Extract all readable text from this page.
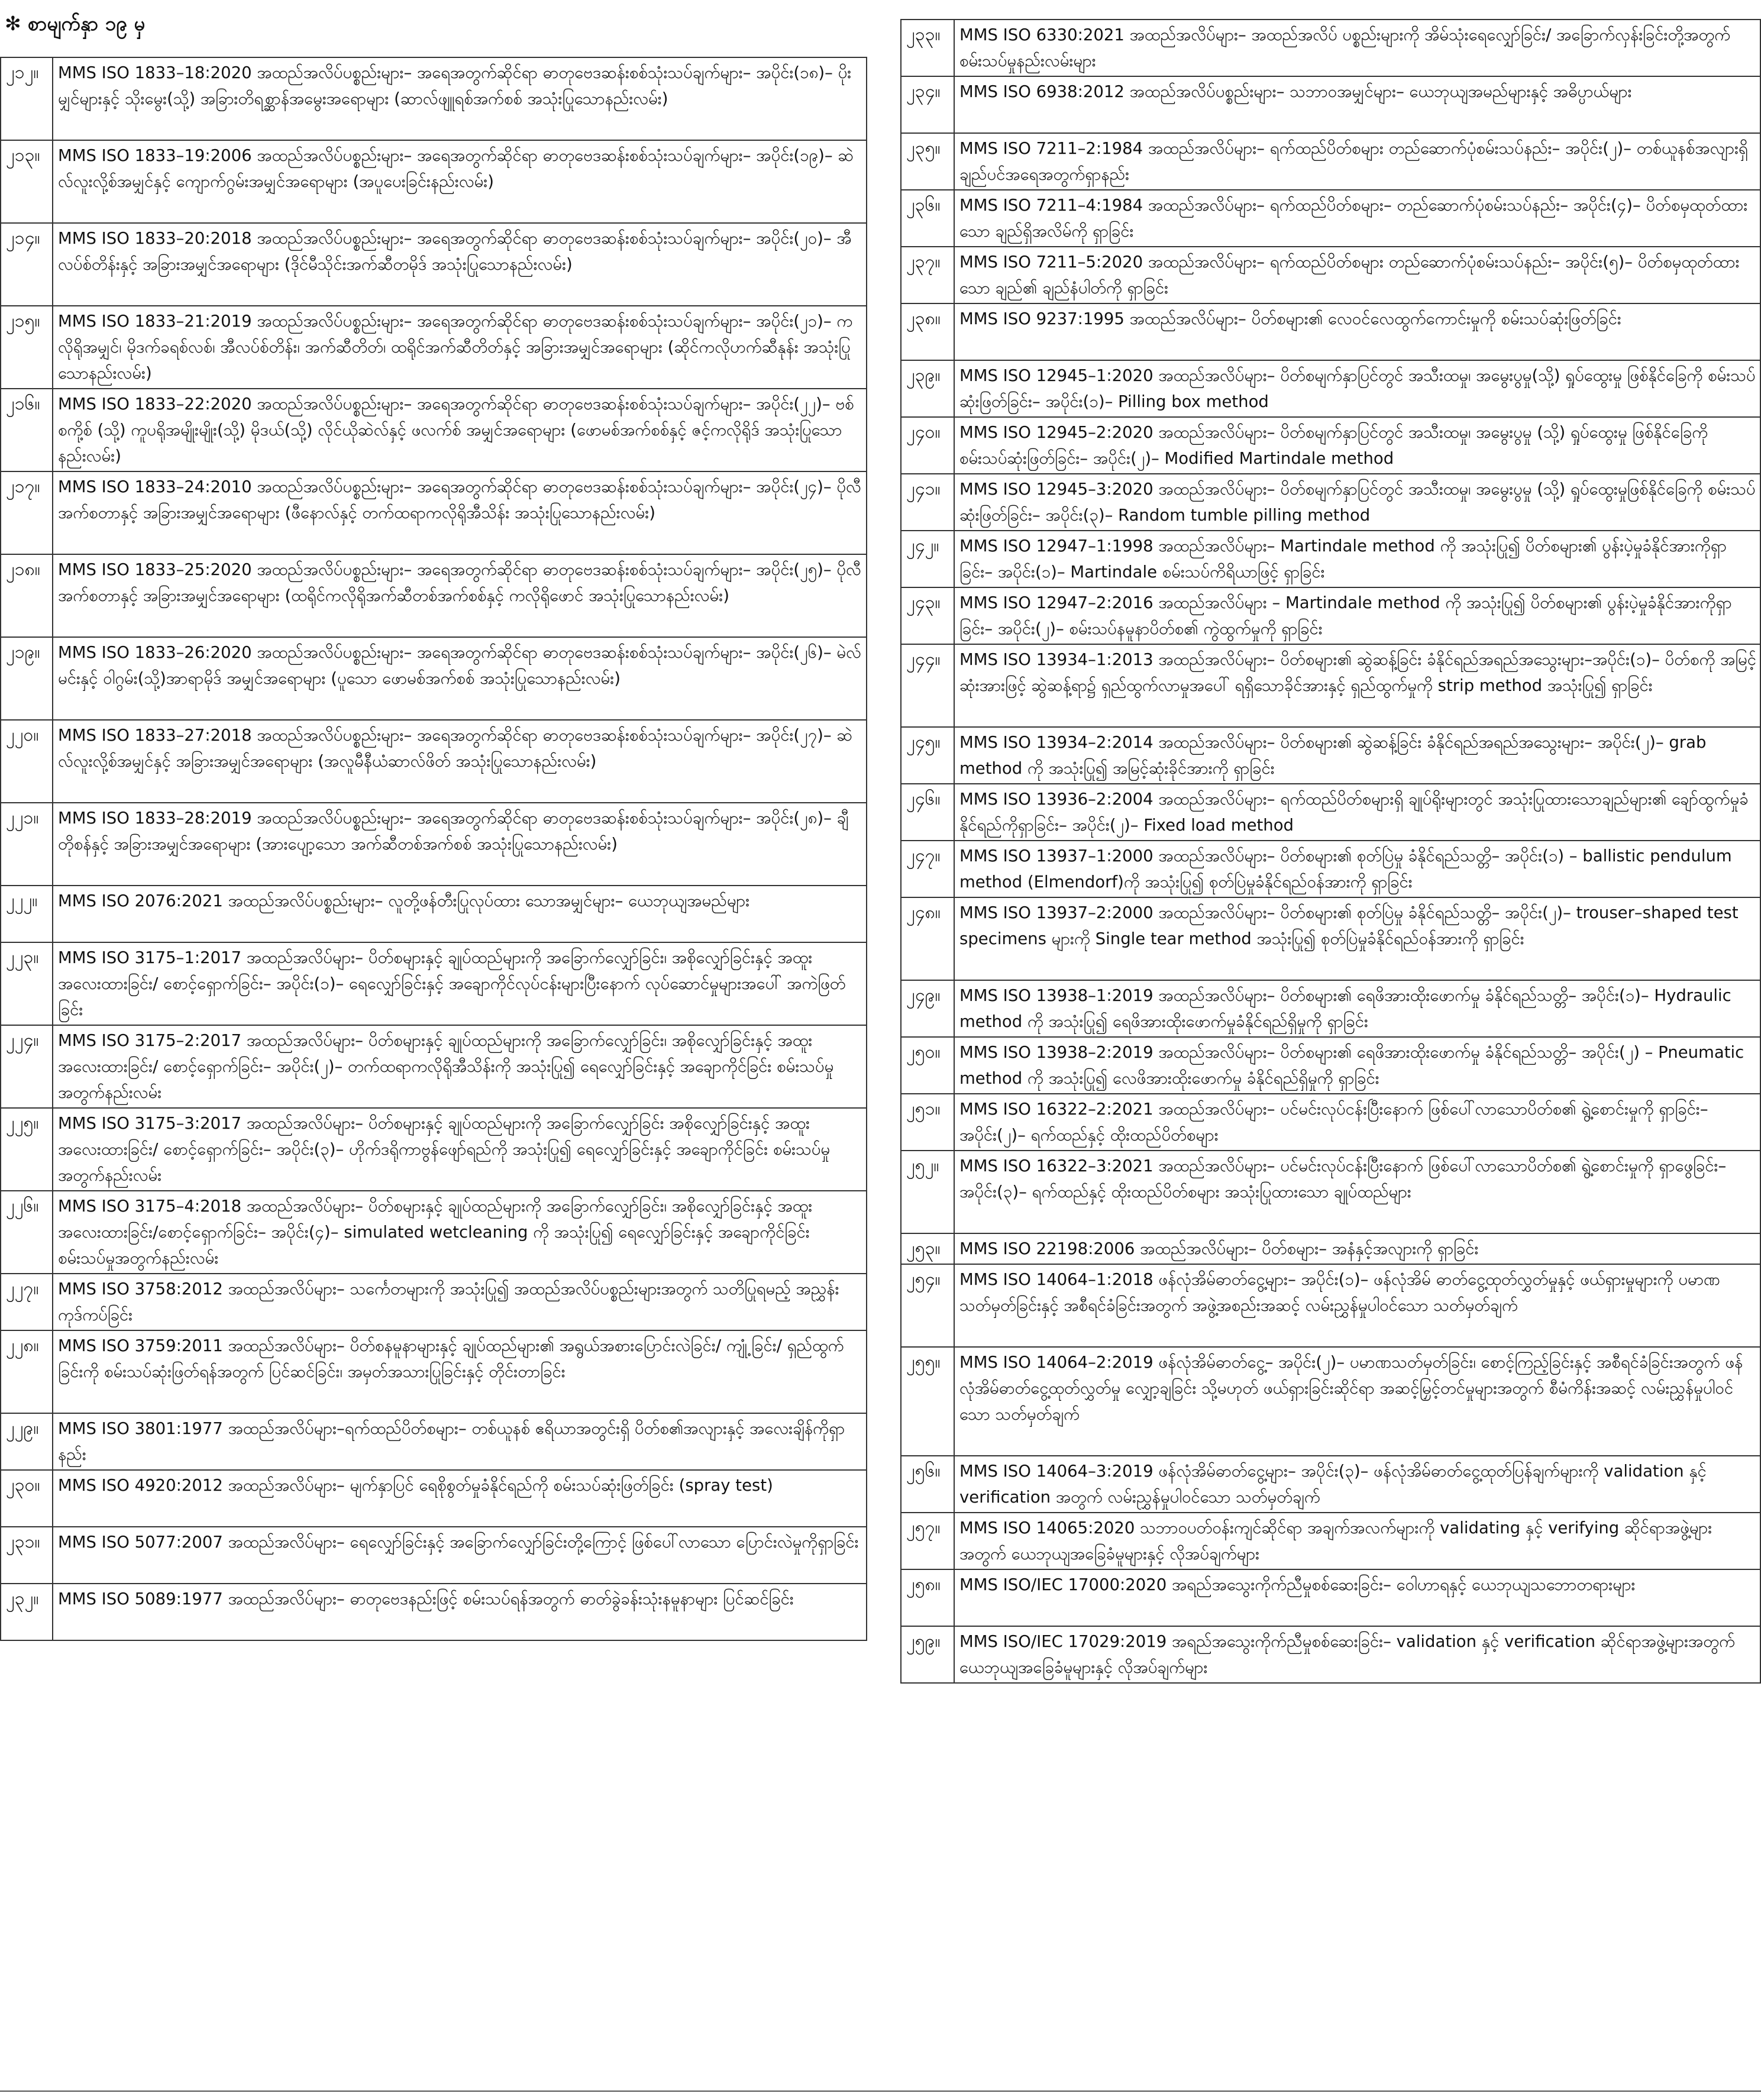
✻ စာမျက်နှာ ၁၉ မှ
၂၁၂။	MMS ISO 1833–18:2020 အထည်အလိပ်ပစ္စည်းများ– အရေအတွက်ဆိုင်ရာ ဓာတုဗေဒဆန်းစစ်သုံးသပ်ချက်များ– အပိုင်း(၁၈)– ပိုးမျှင်များနှင့် သိုးမွေး(သို့) အခြားတိရစ္ဆာန်အမွေးအရောများ (ဆာလ်ဖျူရစ်အက်စစ် အသုံးပြုသောနည်းလမ်း)
၂၁၃။	MMS ISO 1833–19:2006 အထည်အလိပ်ပစ္စည်းများ– အရေအတွက်ဆိုင်ရာ ဓာတုဗေဒဆန်းစစ်သုံးသပ်ချက်များ– အပိုင်း(၁၉)– ဆဲလ်လူးလို့စ်အမျှင်နှင့် ကျောက်ဂွမ်းအမျှင်အရောများ (အပူပေးခြင်းနည်းလမ်း)
၂၁၄။	MMS ISO 1833–20:2018 အထည်အလိပ်ပစ္စည်းများ– အရေအတွက်ဆိုင်ရာ ဓာတုဗေဒဆန်းစစ်သုံးသပ်ချက်များ– အပိုင်း(၂၀)– အီလပ်စ်တိန်းနှင့် အခြားအမျှင်အရောများ (ဒိုင်မီသိုင်းအက်ဆီတမိုဒ် အသုံးပြုသောနည်းလမ်း)
၂၁၅။	MMS ISO 1833–21:2019 အထည်အလိပ်ပစ္စည်းများ– အရေအတွက်ဆိုင်ရာ ဓာတုဗေဒဆန်းစစ်သုံးသပ်ချက်များ– အပိုင်း(၂၁)– ကလိုရိုအမျှင်၊ မိုဒက်ခရစ်လစ်၊ အီလပ်စ်တိန်း၊ အက်ဆီတိတ်၊ ထရိုင်အက်ဆီတိတ်နှင့် အခြားအမျှင်အရောများ (ဆိုင်ကလိုဟက်ဆီနုန်း အသုံးပြုသောနည်းလမ်း)
၂၁၆။	MMS ISO 1833–22:2020 အထည်အလိပ်ပစ္စည်းများ– အရေအတွက်ဆိုင်ရာ ဓာတုဗေဒဆန်းစစ်သုံးသပ်ချက်များ– အပိုင်း(၂၂)– ဗစ်စကို့စ် (သို့) ကူပရိုအမျိုးမျိုး(သို့) မိုဒယ်(သို့) လိုင်ယိုဆဲလ်နှင့် ဖလက်စ် အမျှင်အရောများ (ဖောမစ်အက်စစ်နှင့် ဇင့်ကလိုရိုဒ် အသုံးပြုသောနည်းလမ်း)
၂၁၇။	MMS ISO 1833–24:2010 အထည်အလိပ်ပစ္စည်းများ– အရေအတွက်ဆိုင်ရာ ဓာတုဗေဒဆန်းစစ်သုံးသပ်ချက်များ– အပိုင်း(၂၄)– ပိုလီအက်စတာနှင့် အခြားအမျှင်အရောများ (ဖီနော‌လ်နှင့် တက်ထရာကလိုရိုအီသိန်း အသုံးပြုသောနည်းလမ်း)
၂၁၈။	MMS ISO 1833–25:2020 အထည်အလိပ်ပစ္စည်းများ– အရေအတွက်ဆိုင်ရာ ဓာတုဗေဒဆန်းစစ်သုံးသပ်ချက်များ– အပိုင်း(၂၅)– ပိုလီအက်စတာနှင့် အခြားအမျှင်အရောများ (ထရိုင်ကလိုရိုအက်ဆီတစ်အက်စစ်နှင့် ကလိုရိုဖောင် အသုံးပြုသောနည်းလမ်း)
၂၁၉။	MMS ISO 1833–26:2020 အထည်အလိပ်ပစ္စည်းများ– အရေအတွက်ဆိုင်ရာ ဓာတုဗေဒဆန်းစစ်သုံးသပ်ချက်များ– အပိုင်း(၂၆)– မဲလ်မင်းနှင့် ဝါဂွမ်း(သို့)အာရာမိုဒ် အမျှင်အရောများ (ပူသော ဖောမစ်အက်စစ် အသုံးပြုသောနည်းလမ်း)
၂၂၀။	MMS ISO 1833–27:2018 အထည်အလိပ်ပစ္စည်းများ– အရေအတွက်ဆိုင်ရာ ဓာတုဗေဒဆန်းစစ်သုံးသပ်ချက်များ– အပိုင်း(၂၇)– ဆဲလ်လူးလို့စ်အမျှင်နှင့် အခြားအမျှင်အရောများ (အလူမီနီယံဆာလ်ဖိတ် အသုံးပြုသောနည်းလမ်း)
၂၂၁။	MMS ISO 1833–28:2019 အထည်အလိပ်ပစ္စည်းများ– အရေအတွက်ဆိုင်ရာ ဓာတုဗေဒဆန်းစစ်သုံးသပ်ချက်များ– အပိုင်း(၂၈)– ချီတိုစန်နှင့် အခြားအမျှင်အရောများ (အားပျော့သော အက်ဆီတစ်အက်စစ် အသုံးပြုသောနည်းလမ်း)
၂၂၂။	MMS ISO 2076:2021 အထည်အလိပ်ပစ္စည်းများ– လူတို့ဖန်တီးပြုလုပ်ထား သောအမျှင်များ– ယေဘုယျအမည်များ
၂၂၃။	MMS ISO 3175–1:2017 အထည်အလိပ်များ– ပိတ်စများနှင့် ချုပ်ထည်များကို အခြောက်လျှော်ခြင်း၊ အစိုလျှော်ခြင်းနှင့် အထူးအလေးထားခြင်း/ စောင့်ရှောက်ခြင်း– အပိုင်း(၁)– ရေလျှော်ခြင်းနှင့် အချောကိုင်လုပ်ငန်းများပြီးနောက် လုပ်ဆောင်မှုများအပေါ် အကဲဖြတ်ခြင်း
၂၂၄။	MMS ISO 3175–2:2017 အထည်အလိပ်များ– ပိတ်စများနှင့် ချုပ်ထည်များကို အခြောက်လျှော်ခြင်း၊ အစိုလျှော်ခြင်းနှင့် အထူးအလေးထားခြင်း/ စောင့်ရှောက်ခြင်း– အပိုင်း(၂)– တက်ထရာကလိုရိုအီသိန်းကို အသုံးပြု၍ ရေလျှော်ခြင်းနှင့် အချောကိုင်ခြင်း စမ်းသပ်မှုအတွက်နည်းလမ်း
၂၂၅။	MMS ISO 3175–3:2017 အထည်အလိပ်များ– ပိတ်စများနှင့် ချုပ်ထည်များကို အခြောက်လျှော်ခြင်း အစိုလျှော်ခြင်းနှင့် အထူးအလေးထားခြင်း/ စောင့်ရှောက်ခြင်း– အပိုင်း(၃)– ဟိုက်ဒရိုကာဗွန်ဖျော်ရည်ကို အသုံးပြု၍ ရေလျှော်ခြင်းနှင့် အချောကိုင်ခြင်း စမ်းသပ်မှုအတွက်နည်းလမ်း
၂၂၆။	MMS ISO 3175–4:2018 အထည်အလိပ်များ– ပိတ်စများနှင့် ချုပ်ထည်များကို အခြောက်လျှော်ခြင်း၊ အစိုလျှော်ခြင်းနှင့် အထူးအလေးထားခြင်း/စောင့်ရှောက်ခြင်း– အပိုင်း(၄)– simulated wetcleaning ကို အသုံးပြု၍ ရေလျှော်ခြင်းနှင့် အချောကိုင်ခြင်း စမ်းသပ်မှုအတွက်နည်းလမ်း
၂၂၇။	MMS ISO 3758:2012 အထည်အလိပ်များ– သင်္ကေတများကို အသုံးပြု၍ အထည်အလိပ်ပစ္စည်းများအတွက် သတိပြုရမည့် အညွှန်းကုဒ်ကပ်ခြင်း
၂၂၈။	MMS ISO 3759:2011 အထည်အလိပ်များ– ပိတ်စနမူနာများနှင့် ချုပ်ထည်များ၏ အရွယ်အစားပြောင်းလဲခြင်း/ ကျုံ့ခြင်း/ ရှည်ထွက်ခြင်းကို စမ်းသပ်ဆုံးဖြတ်ရန်အတွက် ပြင်ဆင်ခြင်း၊ အမှတ်အသားပြုခြင်းနှင့် တိုင်းတာခြင်း
၂၂၉။	MMS ISO 3801:1977 အထည်အလိပ်များ–ရက်ထည်ပိတ်စများ– တစ်ယူနစ် ဧရိယာအတွင်းရှိ ပိတ်စ၏အလျားနှင့် အလေးချိန်ကိုရှာနည်း
၂၃၀။	MMS ISO 4920:2012 အထည်အလိပ်များ– မျက်နှာပြင် ရေစိုစွတ်မှုခံနိုင်ရည်ကို စမ်းသပ်ဆုံးဖြတ်ခြင်း (spray test)
၂၃၁။	MMS ISO 5077:2007 အထည်အလိပ်များ– ရေလျှော်ခြင်းနှင့် အခြောက်လျှော်ခြင်းတို့ကြောင့် ဖြစ်ပေါ်လာသော ပြောင်းလဲမှုကိုရှာခြင်း
၂၃၂။	MMS ISO 5089:1977 အထည်အလိပ်များ– ဓာတုဗေဒနည်းဖြင့် စမ်းသပ်ရန်အတွက် ဓာတ်ခွဲခန်းသုံးနမူနာများ ပြင်ဆင်ခြင်း
၂၃၃။	MMS ISO 6330:2021 အထည်အလိပ်များ– အထည်အလိပ် ပစ္စည်းများကို အိမ်သုံးရေလျှော်ခြင်း/ အခြောက်လှန်းခြင်းတို့အတွက် စမ်းသပ်မှုနည်းလမ်းများ
၂၃၄။	MMS ISO 6938:2012 အထည်အလိပ်ပစ္စည်းများ– သဘာဝအမျှင်များ– ယေဘုယျအမည်များနှင့် အဓိပ္ပာယ်များ
၂၃၅။	MMS ISO 7211–2:1984 အထည်အလိပ်များ– ရက်ထည်ပိတ်စများ တည်ဆောက်ပုံစမ်းသပ်နည်း– အပိုင်း(၂)– တစ်ယူနစ်အလျားရှိ ချည်ပင်အရေအတွက်ရှာနည်း
၂၃၆။	MMS ISO 7211–4:1984 အထည်အလိပ်များ– ရက်ထည်ပိတ်စများ– တည်ဆောက်ပုံစမ်းသပ်နည်း– အပိုင်း(၄)– ပိတ်စမှထုတ်ထားသော ချည်ရှိအလိမ်ကို ရှာခြင်း
၂၃၇။	MMS ISO 7211–5:2020 အထည်အလိပ်များ– ရက်ထည်ပိတ်စများ တည်ဆောက်ပုံစမ်းသပ်နည်း– အပိုင်း(၅)– ပိတ်စမှထုတ်ထားသော ချည်၏ ချည်နံပါတ်ကို ရှာခြင်း
၂၃၈။	MMS ISO 9237:1995 အထည်အလိပ်များ– ပိတ်စများ၏ လေဝင်လေထွက်ကောင်းမှုကို စမ်းသပ်ဆုံးဖြတ်ခြင်း
၂၃၉။	MMS ISO 12945–1:2020 အထည်အလိပ်များ– ပိတ်စမျက်နှာပြင်တွင် အသီးထမှု၊ အမွေးပွမှု(သို့) ရှုပ်ထွေးမှု ဖြစ်နိုင်ခြေကို စမ်းသပ်ဆုံးဖြတ်ခြင်း– အပိုင်း(၁)– Pilling box method
၂၄၀။	MMS ISO 12945–2:2020 အထည်အလိပ်များ– ပိတ်စမျက်နှာပြင်တွင် အသီးထမှု၊ အမွေးပွမှု (သို့) ရှုပ်ထွေးမှု ဖြစ်နိုင်ခြေကို စမ်းသပ်ဆုံးဖြတ်ခြင်း– အပိုင်း(၂)– Modified Martindale method
၂၄၁။	MMS ISO 12945–3:2020 အထည်အလိပ်များ– ပိတ်စမျက်နှာပြင်တွင် အသီးထမှု၊ အမွေးပွမှု (သို့) ရှုပ်ထွေးမှုဖြစ်နိုင်ခြေကို စမ်းသပ်ဆုံးဖြတ်ခြင်း– အပိုင်း(၃)– Random tumble pilling method
၂၄၂။	MMS ISO 12947–1:1998 အထည်အလိပ်များ– Martindale method ကို အသုံးပြု၍ ပိတ်စများ၏ ပွန်းပဲ့မှုခံနိုင်အားကိုရှာခြင်း– အပိုင်း(၁)– Martindale စမ်းသပ်ကိရိယာဖြင့် ရှာခြင်း
၂၄၃။	MMS ISO 12947–2:2016 အထည်အလိပ်များ – Martindale method ကို အသုံးပြု၍ ပိတ်စများ၏ ပွန်းပဲ့မှုခံနိုင်အားကိုရှာခြင်း– အပိုင်း(၂)– စမ်းသပ်နမူနာပိတ်စ၏ ကွဲထွက်မှုကို ရှာခြင်း
၂၄၄။	MMS ISO 13934–1:2013 အထည်အလိပ်များ– ပိတ်စများ၏ ဆွဲဆန့်ခြင်း ခံနိုင်ရည်အရည်အသွေးများ–အပိုင်း(၁)– ပိတ်စကို အမြင့်ဆုံးအားဖြင့် ဆွဲဆန့်ရာ၌ ရှည်ထွက်လာမှုအပေါ် ရရှိသောခိုင်အားနှင့် ရှည်ထွက်မှုကို strip method အသုံးပြု၍ ရှာခြင်း
၂၄၅။	MMS ISO 13934–2:2014 အထည်အလိပ်များ– ပိတ်စများ၏ ဆွဲဆန့်ခြင်း ခံနိုင်ရည်အရည်အသွေးများ– အပိုင်း(၂)– grab method ကို အသုံးပြု၍ အမြင့်ဆုံးခိုင်အားကို ရှာခြင်း
၂၄၆။	MMS ISO 13936–2:2004 အထည်အလိပ်များ– ရက်ထည်ပိတ်စများရှိ ချုပ်ရိုးများတွင် အသုံးပြုထားသောချည်များ၏ ချော်ထွက်မှုခံနိုင်ရည်ကိုရှာခြင်း– အပိုင်း(၂)– Fixed load method
၂၄၇။	MMS ISO 13937–1:2000 အထည်အလိပ်များ– ပိတ်စများ၏ စုတ်ပြဲမှု ခံနိုင်ရည်သတ္တိ– အပိုင်း(၁) – ballistic pendulum method (Elmendorf)ကို အသုံးပြု၍ စုတ်ပြဲမှုခံနိုင်ရည်ဝန်အားကို ရှာခြင်း
၂၄၈။	MMS ISO 13937–2:2000 အထည်အလိပ်များ– ပိတ်စများ၏ စုတ်ပြဲမှု ခံနိုင်ရည်သတ္တိ– အပိုင်း(၂)– trouser–shaped test specimens များကို Single tear method အသုံးပြု၍ စုတ်ပြဲမှုခံနိုင်ရည်ဝန်အားကို ရှာခြင်း
၂၄၉။	MMS ISO 13938–1:2019 အထည်အလိပ်များ– ပိတ်စများ၏ ရေဖိအားထိုးဖောက်မှု ခံနိုင်ရည်သတ္တိ– အပိုင်း(၁)– Hydraulic method ကို အသုံးပြု၍ ရေဖိအားထိုးဖောက်မှုခံနိုင်ရည်ရှိမှုကို ရှာခြင်း
၂၅၀။	MMS ISO 13938–2:2019 အထည်အလိပ်များ– ပိတ်စများ၏ ရေဖိအားထိုးဖောက်မှု ခံနိုင်ရည်သတ္တိ– အပိုင်း(၂) – Pneumatic method ကို အသုံးပြု၍ လေဖိအားထိုးဖောက်မှု ခံနိုင်ရည်ရှိမှုကို ရှာခြင်း
၂၅၁။	MMS ISO 16322–2:2021 အထည်အလိပ်များ– ပင်မင်းလုပ်ငန်းပြီးနောက် ဖြစ်ပေါ်လာသောပိတ်စ၏ ရွဲ့စောင်းမှုကို ရှာခြင်း– အပိုင်း(၂)– ရက်ထည်နှင့် ထိုးထည်ပိတ်စများ
၂၅၂။	MMS ISO 16322–3:2021 အထည်အလိပ်များ– ပင်မင်းလုပ်ငန်းပြီးနောက် ဖြစ်ပေါ်လာသောပိတ်စ၏ ရွဲ့စောင်းမှုကို ရှာဖွေခြင်း– အပိုင်း(၃)– ရက်ထည်နှင့် ထိုးထည်ပိတ်စများ အသုံးပြုထားသော ချုပ်ထည်များ
၂၅၃။	MMS ISO 22198:2006 အထည်အလိပ်များ– ပိတ်စများ– အနံနှင့်အလျားကို ရှာခြင်း
၂၅၄။	MMS ISO 14064–1:2018 ဖန်လုံအိမ်ဓာတ်ငွေ့များ– အပိုင်း(၁)– ဖန်လုံအိမ် ဓာတ်ငွေ့ထုတ်လွှတ်မှုနှင့် ဖယ်ရှားမှုများကို ပမာဏသတ်မှတ်ခြင်းနှင့် အစီရင်ခံခြင်းအတွက် အဖွဲ့အစည်းအဆင့် လမ်းညွှန်မှုပါဝင်သော သတ်မှတ်ချက်
၂၅၅။	MMS ISO 14064–2:2019 ဖန်လုံအိမ်ဓာတ်ငွေ့– အပိုင်း(၂)– ပမာဏသတ်မှတ်ခြင်း၊ စောင့်ကြည့်ခြင်းနှင့် အစီရင်ခံခြင်းအတွက် ဖန်လုံအိမ်ဓာတ်ငွေ့ထုတ်လွှတ်မှု လျှော့ချခြင်း သို့မဟုတ် ဖယ်ရှားခြင်းဆိုင်ရာ အဆင့်မြှင့်တင်မှုများအတွက် စီမံကိန်းအဆင့် လမ်းညွှန်မှုပါဝင်သော သတ်မှတ်ချက်
၂၅၆။	MMS ISO 14064–3:2019 ဖန်လုံအိမ်ဓာတ်ငွေ့များ– အပိုင်း(၃)– ဖန်လုံအိမ်ဓာတ်ငွေ့ထုတ်ပြန်ချက်များကို validation နှင့် verification အတွက် လမ်းညွှန်မှုပါဝင်သော သတ်မှတ်ချက်
၂၅၇။	MMS ISO 14065:2020 သဘာဝပတ်ဝန်းကျင်ဆိုင်ရာ အချက်အလက်များကို validating နှင့် verifying ဆိုင်ရာအဖွဲ့များအတွက် ယေဘုယျအခြေခံမူများနှင့် လိုအပ်ချက်များ
၂၅၈။	MMS ISO/IEC 17000:2020 အရည်အသွေးကိုက်ညီမှုစစ်ဆေးခြင်း– ဝေါဟာရနှင့် ယေဘုယျသဘောတရားများ
၂၅၉။	MMS ISO/IEC 17029:2019 အရည်အသွေးကိုက်ညီမှုစစ်ဆေးခြင်း– validation နှင့် verification ဆိုင်ရာအဖွဲ့များအတွက် ယေဘုယျအခြေခံမူများနှင့် လိုအပ်ချက်များ
